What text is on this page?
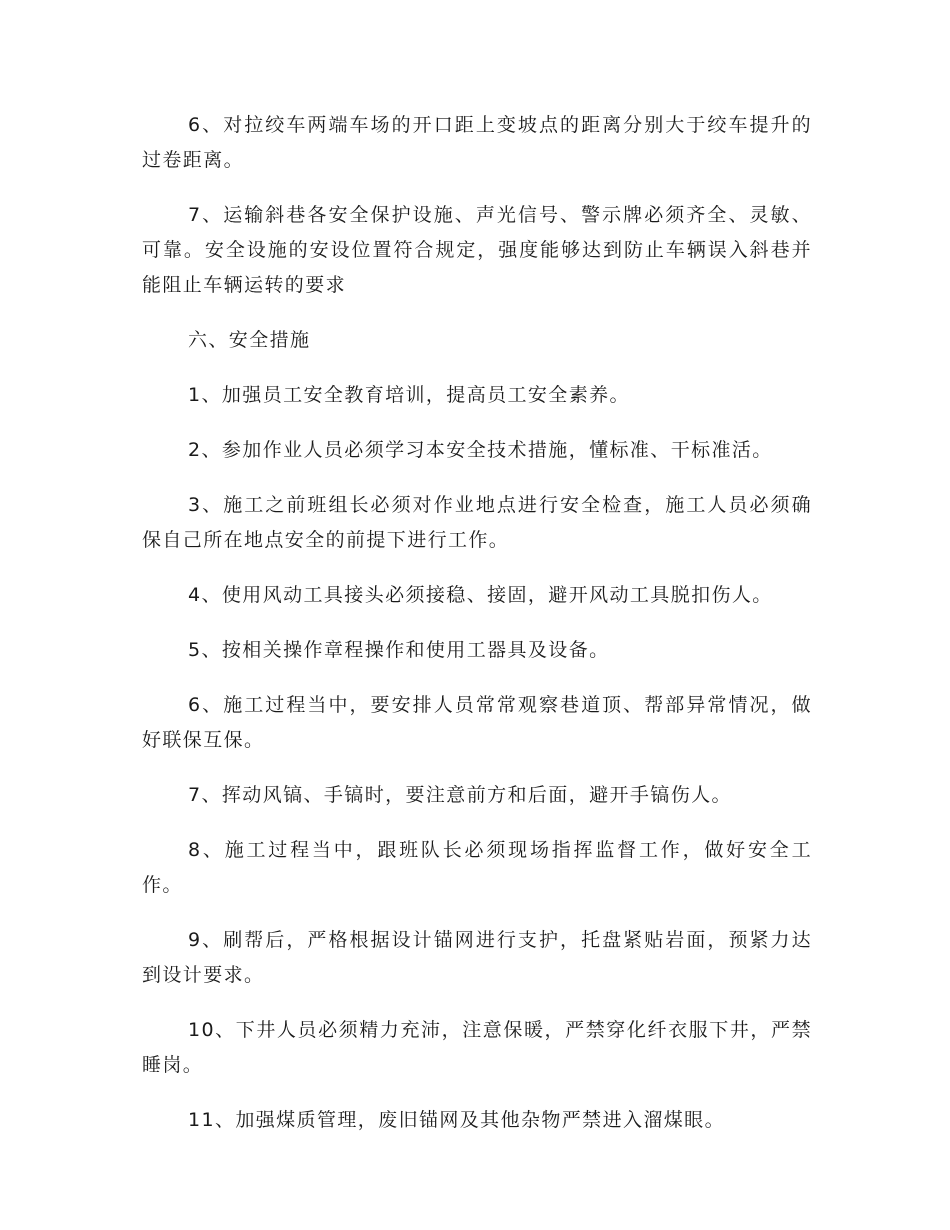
6、对拉绞车两端车场的开口距上变坡点的距离分别大于绞车提升的过卷距离。

7、运输斜巷各安全保护设施、声光信号、警示牌必须齐全、灵敏、可靠。安全设施的安设位置符合规定，强度能够达到防止车辆误入斜巷并能阻止车辆运转的要求

六、安全措施

1、加强员工安全教育培训，提高员工安全素养。

2、参加作业人员必须学习本安全技术措施，懂标准、干标准活。

3、施工之前班组长必须对作业地点进行安全检查，施工人员必须确保自己所在地点安全的前提下进行工作。

4、使用风动工具接头必须接稳、接固，避开风动工具脱扣伤人。

5、按相关操作章程操作和使用工器具及设备。

6、施工过程当中，要安排人员常常观察巷道顶、帮部异常情况，做好联保互保。

7、挥动风镐、手镐时，要注意前方和后面，避开手镐伤人。

8、施工过程当中，跟班队长必须现场指挥监督工作，做好安全工作。

9、刷帮后，严格根据设计锚网进行支护，托盘紧贴岩面，预紧力达到设计要求。

10、下井人员必须精力充沛，注意保暖，严禁穿化纤衣服下井，严禁睡岗。

11、加强煤质管理，废旧锚网及其他杂物严禁进入溜煤眼。
